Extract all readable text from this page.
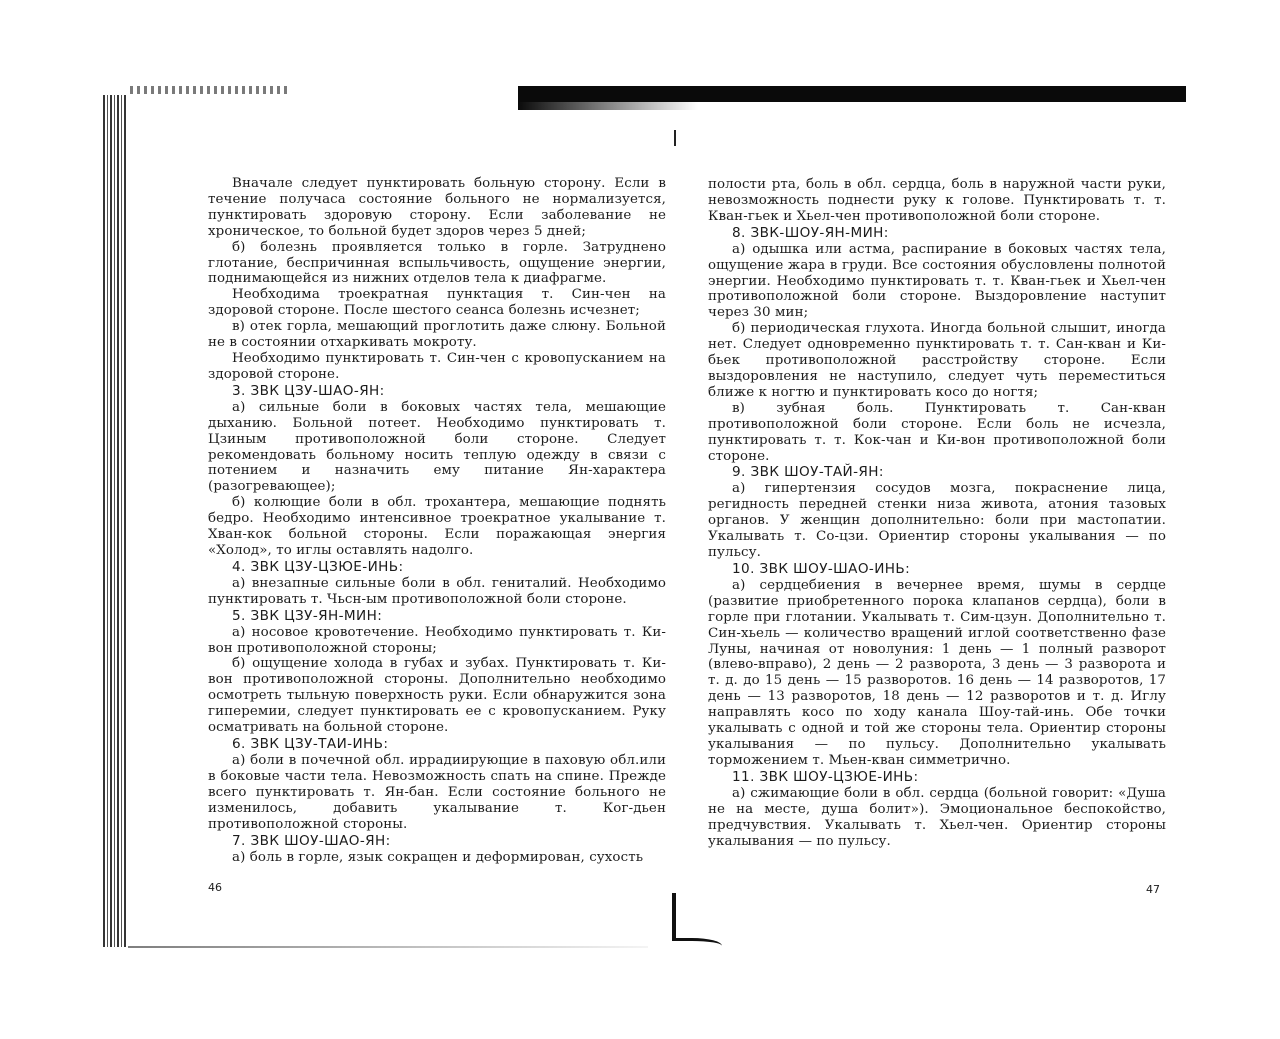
Вначале следует пунктировать больную сторону. Если в течение получаса состояние больного не нормализуется, пунктировать здоровую сторону. Если заболевание не хроническое, то больной будет здоров через 5 дней;

б) болезнь проявляется только в горле. Затруднено глотание, беспричинная вспыльчивость, ощущение энергии, поднимающейся из нижних отделов тела к диафрагме.

Необходима троекратная пунктация т. Син-чен на здоровой стороне. После шестого сеанса болезнь исчезнет;

в) отек горла, мешающий проглотить даже слюну. Больной не в состоянии отхаркивать мокроту.

Необходимо пунктировать т. Син-чен с кровопусканием на здоровой стороне.

3. ЗВК ЦЗУ-ШАО-ЯН:

а) сильные боли в боковых частях тела, мешающие дыханию. Больной потеет. Необходимо пунктировать т. Цзиным противоположной боли стороне. Следует рекомендовать больному носить теплую одежду в связи с потением и назначить ему питание Ян-характера (разогревающее);

б) колющие боли в обл. трохантера, мешающие поднять бедро. Необходимо интенсивное троекратное укалывание т. Хван-кок больной стороны. Если поражающая энергия «Холод», то иглы оставлять надолго.

4. ЗВК ЦЗУ-ЦЗЮЕ-ИНЬ:

а) внезапные сильные боли в обл. гениталий. Необходимо пунктировать т. Чьсн-ым противоположной боли стороне.

5. ЗВК ЦЗУ-ЯН-МИН:

а) носовое кровотечение. Необходимо пунктировать т. Ки-вон противоположной стороны;

б) ощущение холода в губах и зубах. Пунктировать т. Ки-вон противоположной стороны. Дополнительно необходимо осмотреть тыльную поверхность руки. Если обнаружится зона гиперемии, следует пунктировать ее с кровопусканием. Руку осматривать на больной стороне.

6. ЗВК ЦЗУ-ТАИ-ИНЬ:

а) боли в почечной обл. иррадиирующие в паховую обл.или в боковые части тела. Невозможность спать на спине. Прежде всего пунктировать т. Ян-бан. Если состояние больного не изменилось, добавить укалывание т. Ког-дьен противоположной стороны.

7. ЗВК ШОУ-ШАО-ЯН:

а) боль в горле, язык сокращен и деформирован, сухость

46

полости рта, боль в обл. сердца, боль в наружной части руки, невозможность поднести руку к голове. Пунктировать т. т. Кван-гьек и Хьел-чен противоположной боли стороне.

8. ЗВК-ШОУ-ЯН-МИН:

а) одышка или астма, распирание в боковых частях тела, ощущение жара в груди. Все состояния обусловлены полнотой энергии. Необходимо пунктировать т. т. Кван-гьек и Хьел-чен противоположной боли стороне. Выздоровление наступит через 30 мин;

б) периодическая глухота. Иногда больной слышит, иногда нет. Следует одновременно пунктировать т. т. Сан-кван и Ки-бьек противоположной расстройству стороне. Если выздоровления не наступило, следует чуть переместиться ближе к ногтю и пунктировать косо до ногтя;

в) зубная боль. Пунктировать т. Сан-кван противоположной боли стороне. Если боль не исчезла, пунктировать т. т. Кок-чан и Ки-вон противоположной боли стороне.

9. ЗВК ШОУ-ТАЙ-ЯН:

а) гипертензия сосудов мозга, покраснение лица, регидность передней стенки низа живота, атония тазовых органов. У женщин дополнительно: боли при мастопатии. Укалывать т. Со-цзи. Ориентир стороны укалывания — по пульсу.

10. ЗВК ШОУ-ШАО-ИНЬ:

а) сердцебиения в вечернее время, шумы в сердце (развитие приобретенного порока клапанов сердца), боли в горле при глотании. Укалывать т. Сим-цзун. Дополнительно т. Син-хьель — количество вращений иглой соответственно фазе Луны, начиная от новолуния: 1 день — 1 полный разворот (влево-вправо), 2 день — 2 разворота, 3 день — 3 разворота и т. д. до 15 день — 15 разворотов. 16 день — 14 разворотов, 17 день — 13 разворотов, 18 день — 12 разворотов и т. д. Иглу направлять косо по ходу канала Шоу-тай-инь. Обе точки укалывать с одной и той же стороны тела. Ориентир стороны укалывания — по пульсу. Дополнительно укалывать торможением т. Мьен-кван симметрично.

11. ЗВК ШОУ-ЦЗЮЕ-ИНЬ:

а) сжимающие боли в обл. сердца (больной говорит: «Душа не на месте, душа болит»). Эмоциональное беспокойство, предчувствия. Укалывать т. Хьел-чен. Ориентир стороны укалывания — по пульсу.

47
